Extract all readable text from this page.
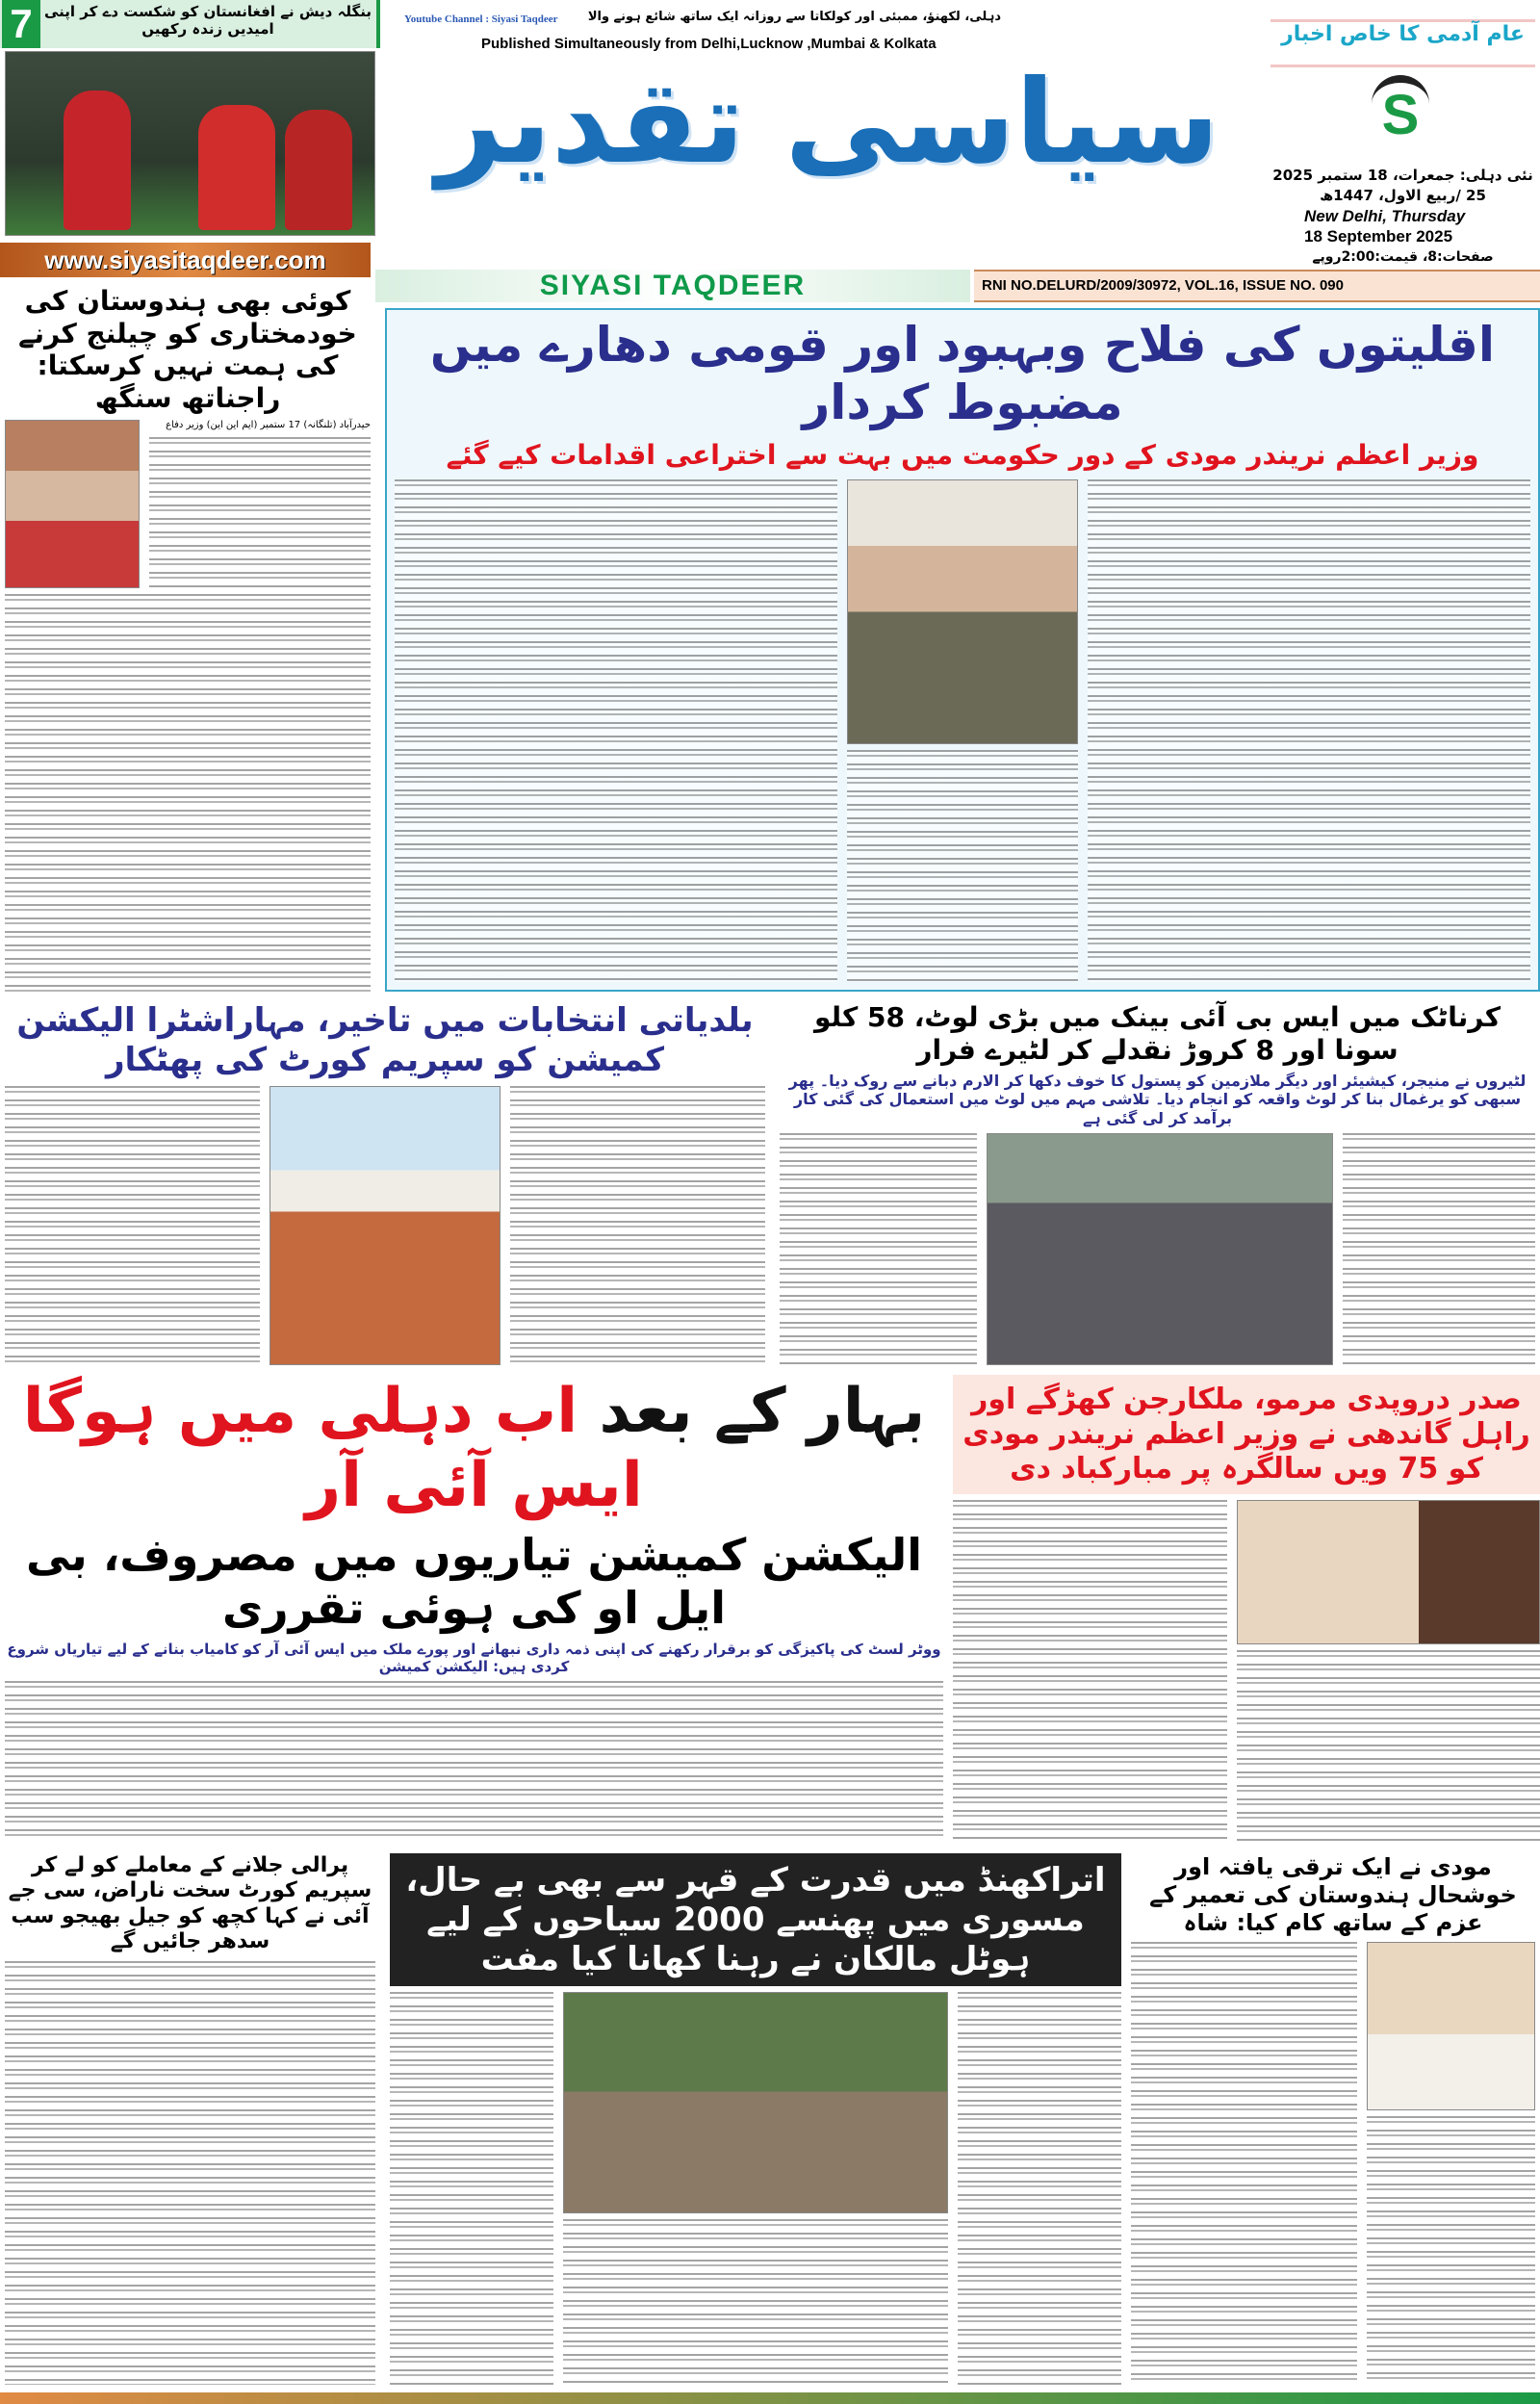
7 بنگلہ دیش نے افغانستان کو شکست دے کر اپنی امیدیں زندہ رکھیں
Youtube Channel : Siyasi Taqdeer دہلی، لکھنؤ، ممبئی اور کولکاتا سے روزانہ ایک ساتھ شائع ہونے والا
Published Simultaneously from Delhi,Lucknow ,Mumbai & Kolkata
سیاسی تقدیر
عام آدمی کا خاص اخبار
S
نئی دہلی: جمعرات، 18 ستمبر 2025
25 /ربیع الاول، 1447ھ
New Delhi, Thursday
18 September 2025
صفحات:8، قیمت:2:00روپے
www.siyasitaqdeer.com
SIYASI TAQDEER	RNI NO.DELURD/2009/30972, VOL.16, ISSUE NO. 090
کوئی بھی ہندوستان کی خودمختاری کو چیلنج کرنے کی ہمت نہیں کرسکتا: راجناتھ سنگھ
حیدرآباد (تلنگانہ) 17 ستمبر (ایم این این) وزیر دفاع
اقلیتوں کی فلاح وبہبود اور قومی دھارے میں مضبوط کردار
وزیر اعظم نریندر مودی کے دور حکومت میں بہت سے اختراعی اقدامات کیے گئے
بلدیاتی انتخابات میں تاخیر، مہاراشٹرا الیکشن کمیشن کو سپریم کورٹ کی پھٹکار
کرناٹک میں ایس بی آئی بینک میں بڑی لوٹ، 58 کلو سونا اور 8 کروڑ نقدلے کر لٹیرے فرار
لٹیروں نے منیجر، کیشیئر اور دیگر ملازمین کو پستول کا خوف دکھا کر الارم دبانے سے روک دیا۔ پھر سبھی کو یرغمال بنا کر لوٹ واقعہ کو انجام دیا۔ تلاشی مہم میں لوٹ میں استعمال کی گئی کار برآمد کر لی گئی ہے
بہار کے بعد اب دہلی میں ہوگا ایس آئی آر
الیکشن کمیشن تیاریوں میں مصروف، بی ایل او کی ہوئی تقرری
ووٹر لسٹ کی پاکیزگی کو برقرار رکھنے کی اپنی ذمہ داری نبھانے اور پورے ملک میں ایس آئی آر کو کامیاب بنانے کے لیے تیاریاں شروع کردی ہیں: الیکشن کمیشن
صدر دروپدی مرمو، ملکارجن کھڑگے اور راہل گاندھی نے وزیر اعظم نریندر مودی کو 75 ویں سالگرہ پر مبارکباد دی
پرالی جلانے کے معاملے کو لے کر سپریم کورٹ سخت ناراض، سی جے آئی نے کہا کچھ کو جیل بھیجو سب سدھر جائیں گے
اتراکھنڈ میں قدرت کے قہر سے بھی بے حال، مسوری میں پھنسے 2000 سیاحوں کے لیے ہوٹل مالکان نے رہنا کھانا کیا مفت
مودی نے ایک ترقی یافتہ اور خوشحال ہندوستان کی تعمیر کے عزم کے ساتھ کام کیا: شاہ
